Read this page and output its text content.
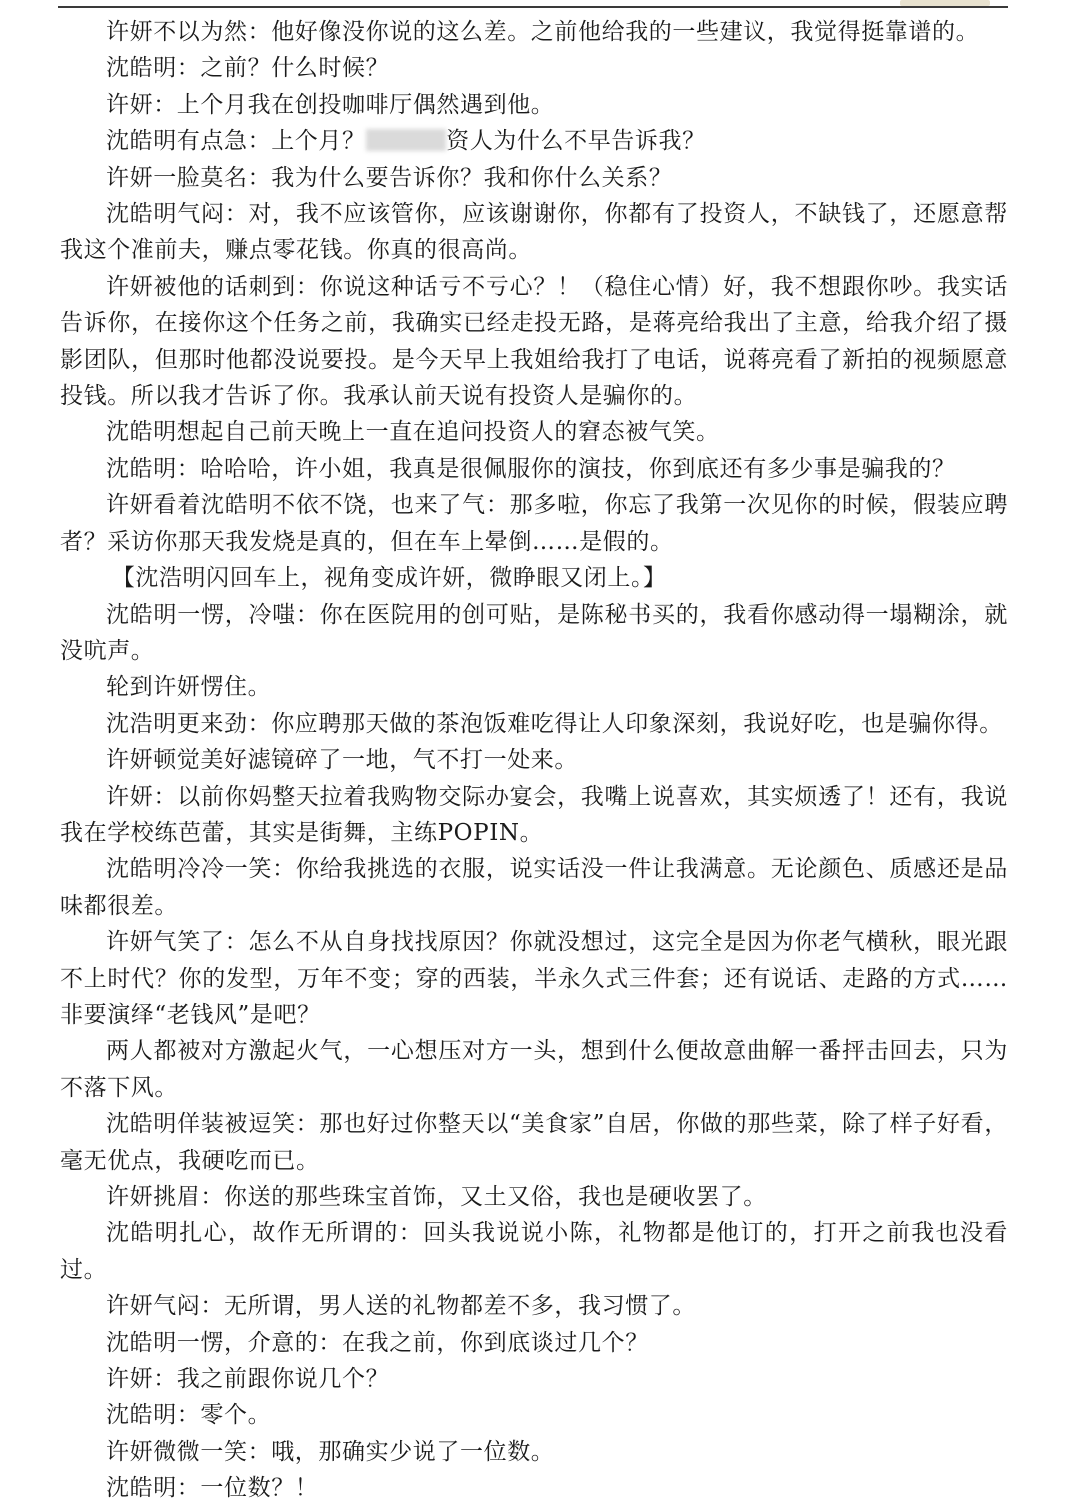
许妍不以为然：他好像没你说的这么差。之前他给我的一些建议，我觉得挺靠谱的。

沈皓明：之前？什么时候？

许妍：上个月我在创投咖啡厅偶然遇到他。

沈皓明有点急：上个月？	资人为什么不早告诉我？

许妍一脸莫名：我为什么要告诉你？我和你什么关系？

沈皓明气闷：对，我不应该管你，应该谢谢你，你都有了投资人，不缺钱了，还愿意帮我这个准前夫，赚点零花钱。你真的很高尚。

许妍被他的话刺到：你说这种话亏不亏心？！（稳住心情）好，我不想跟你吵。我实话告诉你，在接你这个任务之前，我确实已经走投无路，是蒋亮给我出了主意，给我介绍了摄影团队，但那时他都没说要投。是今天早上我姐给我打了电话，说蒋亮看了新拍的视频愿意投钱。所以我才告诉了你。我承认前天说有投资人是骗你的。

沈皓明想起自己前天晚上一直在追问投资人的窘态被气笑。

沈皓明：哈哈哈，许小姐，我真是很佩服你的演技，你到底还有多少事是骗我的？

许妍看着沈皓明不依不饶，也来了气：那多啦，你忘了我第一次见你的时候，假装应聘者？采访你那天我发烧是真的，但在车上晕倒……是假的。

【沈浩明闪回车上，视角变成许妍，微睁眼又闭上。】

沈皓明一愣，冷嗤：你在医院用的创可贴，是陈秘书买的，我看你感动得一塌糊涂，就没吭声。

轮到许妍愣住。

沈浩明更来劲：你应聘那天做的茶泡饭难吃得让人印象深刻，我说好吃，也是骗你得。

许妍顿觉美好滤镜碎了一地，气不打一处来。

许妍：以前你妈整天拉着我购物交际办宴会，我嘴上说喜欢，其实烦透了！还有，我说我在学校练芭蕾，其实是街舞，主练POPIN。

沈皓明冷冷一笑：你给我挑选的衣服，说实话没一件让我满意。无论颜色、质感还是品味都很差。

许妍气笑了：怎么不从自身找找原因？你就没想过，这完全是因为你老气横秋，眼光跟不上时代？你的发型，万年不变；穿的西装，半永久式三件套；还有说话、走路的方式……非要演绎“老钱风”是吧？

两人都被对方激起火气，一心想压对方一头，想到什么便故意曲解一番抨击回去，只为不落下风。

沈皓明佯装被逗笑：那也好过你整天以“美食家”自居，你做的那些菜，除了样子好看，毫无优点，我硬吃而已。

许妍挑眉：你送的那些珠宝首饰，又土又俗，我也是硬收罢了。

沈皓明扎心，故作无所谓的：回头我说说小陈，礼物都是他订的，打开之前我也没看过。

许妍气闷：无所谓，男人送的礼物都差不多，我习惯了。

沈皓明一愣，介意的：在我之前，你到底谈过几个？

许妍：我之前跟你说几个？

沈皓明：零个。

许妍微微一笑：哦，那确实少说了一位数。

沈皓明：一位数？！
